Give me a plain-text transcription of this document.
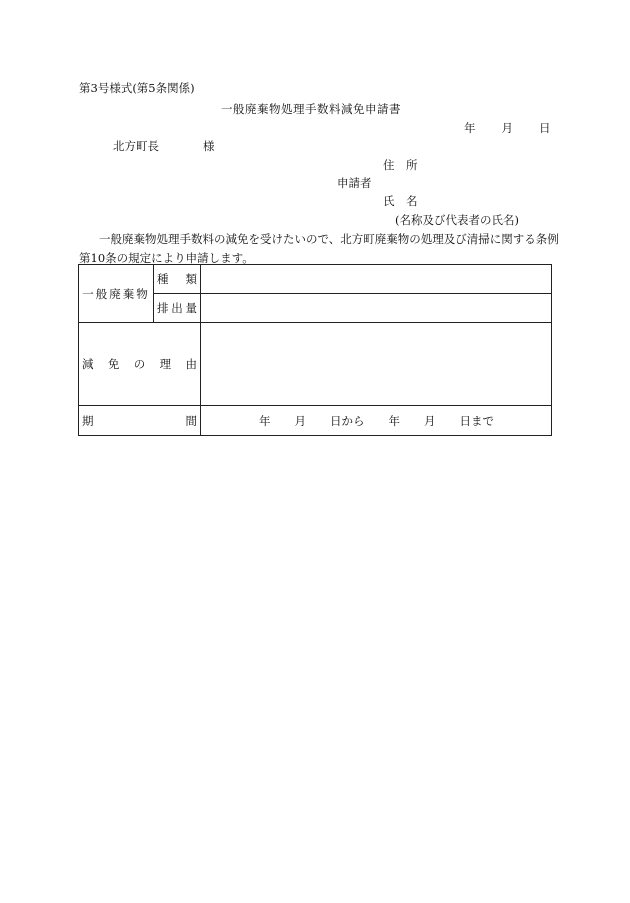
第3号様式(第5条関係)
一般廃棄物処理手数料減免申請書
年 月 日
北方町長	様
住　所
申請者
氏　名
(名称及び代表者の氏名)
一般廃棄物処理手数料の減免を受けたいので、北方町廃棄物の処理及び清掃に関する条例第10条の規定により申請します。
一般廃棄物	種 類	

	排 出 量	

減 免 の 理 由		

期 間		年 月 日から 年 月 日まで
